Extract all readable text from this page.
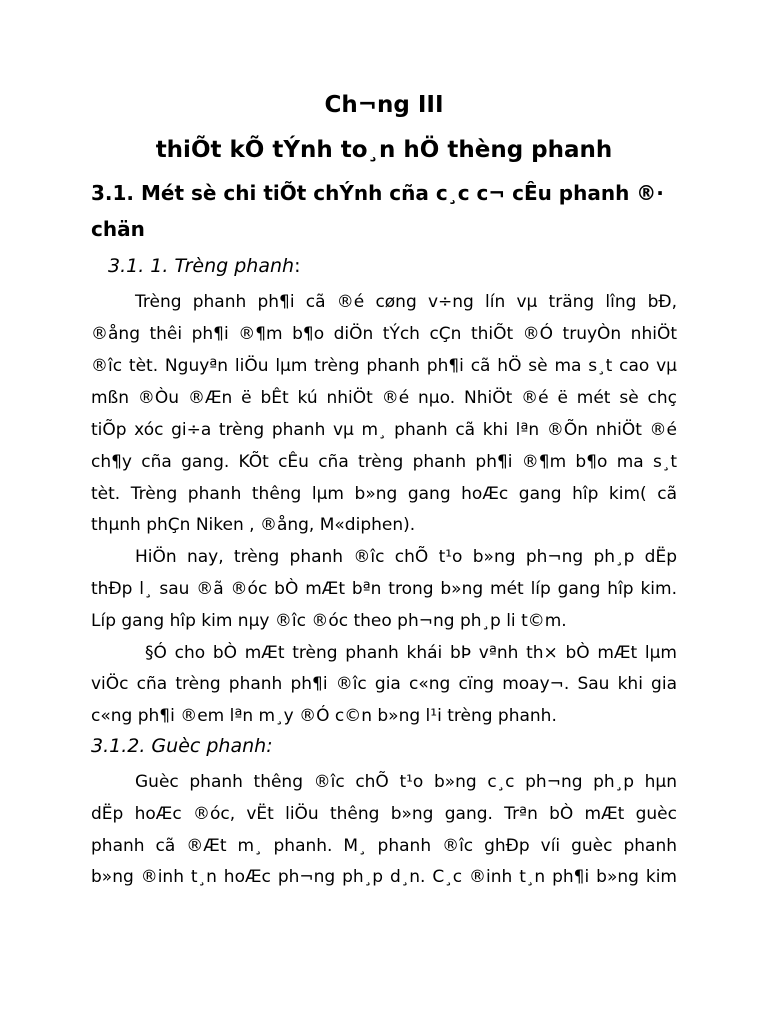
Ch¬ng III
thiÕt kÕ tÝnh to¸n hÖ thèng phanh
3.1. Mét sè chi tiÕt chÝnh cña c¸c c¬ cÊu phanh ®·
chän
3.1. 1. Trèng phanh:
Trèng phanh ph¶i cã ®é cøng v÷ng lín vµ träng lîng bÐ,
®ång thêi ph¶i ®¶m b¶o diÖn tÝch cÇn thiÕt ®Ó truyÒn nhiÖt
®îc tèt. Nguyªn liÖu lµm trèng phanh ph¶i cã hÖ sè ma s¸t cao vµ
mßn ®Òu ®Æn ë bÊt kú nhiÖt ®é nµo. NhiÖt ®é ë mét sè chç
tiÕp xóc gi÷a trèng phanh vµ m¸ phanh cã khi lªn ®Õn nhiÖt ®é
ch¶y cña gang. KÕt cÊu cña trèng phanh ph¶i ®¶m b¶o ma s¸t
tèt. Trèng phanh thêng lµm b»ng gang hoÆc gang hîp kim( cã
thµnh phÇn Niken , ®ång, M«diphen).
HiÖn nay, trèng phanh ®îc chÕ t¹o b»ng ph¬ng ph¸p dËp
thÐp l¸ sau ®ã ®óc bÒ mÆt bªn trong b»ng mét líp gang hîp kim.
Líp gang hîp kim nµy ®îc ®óc theo ph¬ng ph¸p li t©m.
§Ó cho bÒ mÆt trèng phanh khái bÞ vªnh th× bÒ mÆt lµm
viÖc cña trèng phanh ph¶i ®îc gia c«ng cïng moay¬. Sau khi gia
c«ng ph¶i ®em lªn m¸y ®Ó c©n b»ng l¹i trèng phanh.
3.1.2. Guèc phanh:
Guèc phanh thêng ®îc chÕ t¹o b»ng c¸c ph¬ng ph¸p hµn
dËp hoÆc ®óc, vËt liÖu thêng b»ng gang. Trªn bÒ mÆt guèc
phanh cã ®Æt m¸ phanh. M¸ phanh ®îc ghÐp víi guèc phanh
b»ng ®inh t¸n hoÆc ph¬ng ph¸p d¸n. C¸c ®inh t¸n ph¶i b»ng kim
